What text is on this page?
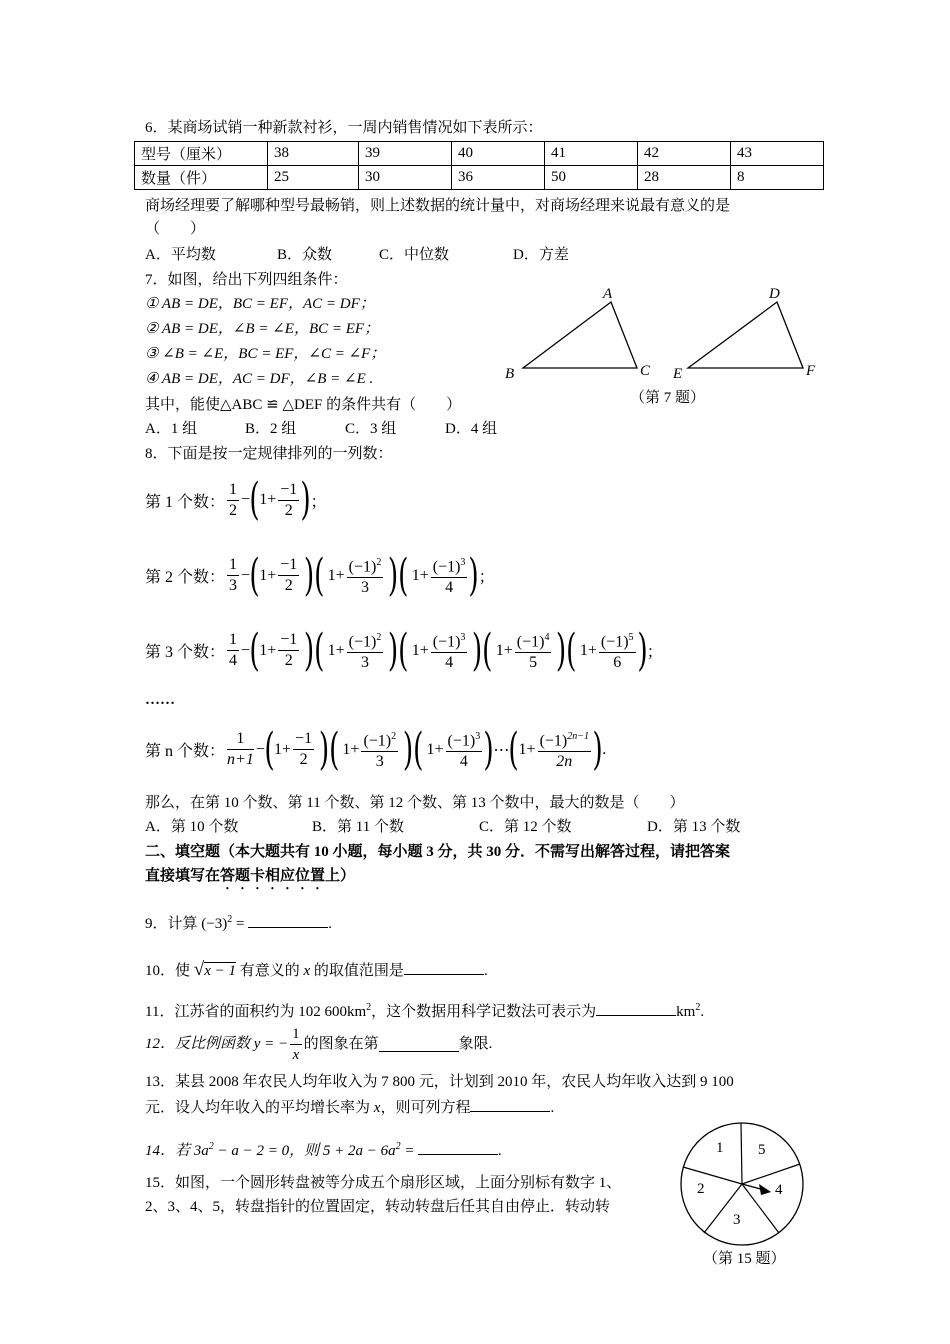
6．某商场试销一种新款衬衫，一周内销售情况如下表所示：
型号（厘米）	38	39	40	41	42	43
数量（件）	25	30	36	50	28	8
商场经理要了解哪种型号最畅销，则上述数据的统计量中，对商场经理来说最有意义的是
（　　）
A．平均数	B．众数	C．中位数	D．方差
7．如图，给出下列四组条件：
① AB = DE，BC = EF，AC = DF；
② AB = DE，∠B = ∠E，BC = EF；
③ ∠B = ∠E，BC = EF，∠C = ∠F；
④ AB = DE，AC = DF，∠B = ∠E .
其中，能使△ABC ≌ △DEF 的条件共有（　　）
A．1 组	B．2 组	C．3 组	D．4 组
A
B	C
D
E	F
（第 7 题）
8．下面是按一定规律排列的一列数：
第 1 个数： $\frac{1}{2}$ − ( $1+ \frac{-1}{2}$ ) ；
第 2 个数： $\frac{1}{3}$ − ( $1+ \frac{-1}{2}$ )( $1+ \frac{(-1)^2}{3}$ )( $1+ \frac{(-1)^3}{4}$ ) ；
第 3 个数： $\frac{1}{4}$ − ( $1+ \frac{-1}{2}$ )( $1+ \frac{(-1)^2}{3}$ )( $1+ \frac{(-1)^3}{4}$ )( $1+ \frac{(-1)^4}{5}$ )( $1+ \frac{(-1)^5}{6}$ ) ；
……
第 n 个数： $\frac{1}{n+1}$ − ( $1+ \frac{-1}{2}$ )( $1+ \frac{(-1)^2}{3}$ )( $1+ \frac{(-1)^3}{4}$ ) ⋯ ( $1+ \frac{(-1)^{2n-1}}{2n}$ ) .
那么，在第 10 个数、第 11 个数、第 12 个数、第 13 个数中，最大的数是（　　）
A．第 10 个数	B．第 11 个数	C．第 12 个数	D．第 13 个数
二、填空题（本大题共有 10 小题，每小题 3 分，共 30 分．不需写出解答过程，请把答案
直接填写在答题卡相应位置上）
9．计算 $(-3)^2$ =	.
10．使 √x − 1 有意义的 x 的取值范围是	.
11．江苏省的面积约为 102 $600km^2$，这个数据用科学记数法可表示为	$km^2$.
12．反比例函数 y = − $\frac{1}{x}$ 的图象在第	象限.
13．某县 2008 年农民人均年收入为 7 800 元，计划到 2010 年，农民人均年收入达到 9 100
元．设人均年收入的平均增长率为 x，则可列方程	.
14．若 $3a^2 - a - 2 = 0$，则 $5 + 2a - 6a^2$ =	.
15．如图，一个圆形转盘被等分成五个扇形区域，上面分别标有数字 1、
2、3、4、5，转盘指针的位置固定，转动转盘后任其自由停止．转动转
1 5
4
3
2
（第 15 题）
